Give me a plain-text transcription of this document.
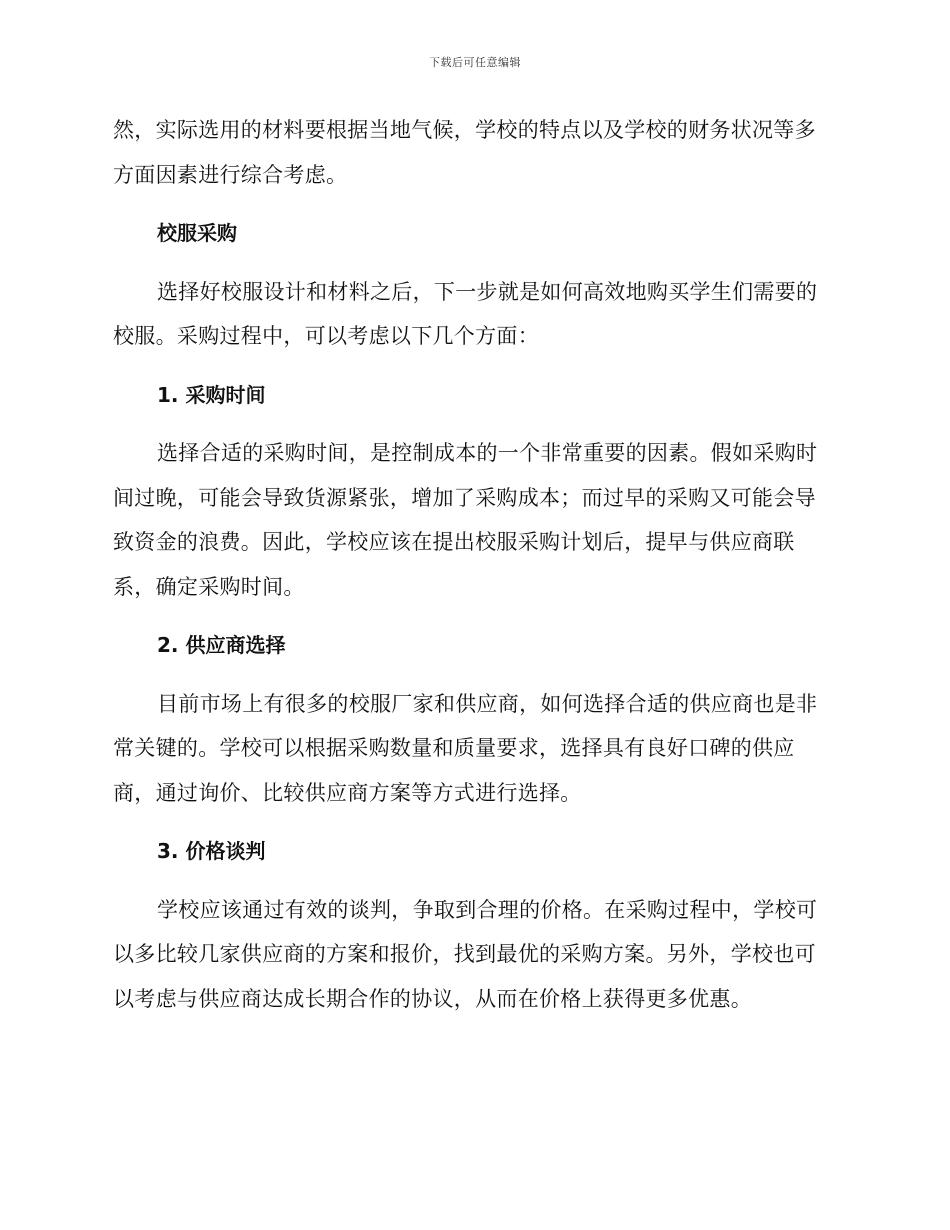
下载后可任意编辑

然，实际选用的材料要根据当地气候，学校的特点以及学校的财务状况等多方面因素进行综合考虑。

校服采购

选择好校服设计和材料之后，下一步就是如何高效地购买学生们需要的校服。采购过程中，可以考虑以下几个方面：

1. 采购时间

选择合适的采购时间，是控制成本的一个非常重要的因素。假如采购时间过晚，可能会导致货源紧张，增加了采购成本；而过早的采购又可能会导致资金的浪费。因此，学校应该在提出校服采购计划后，提早与供应商联系，确定采购时间。

2. 供应商选择

目前市场上有很多的校服厂家和供应商，如何选择合适的供应商也是非常关键的。学校可以根据采购数量和质量要求，选择具有良好口碑的供应商，通过询价、比较供应商方案等方式进行选择。

3. 价格谈判

学校应该通过有效的谈判，争取到合理的价格。在采购过程中，学校可以多比较几家供应商的方案和报价，找到最优的采购方案。另外，学校也可以考虑与供应商达成长期合作的协议，从而在价格上获得更多优惠。
